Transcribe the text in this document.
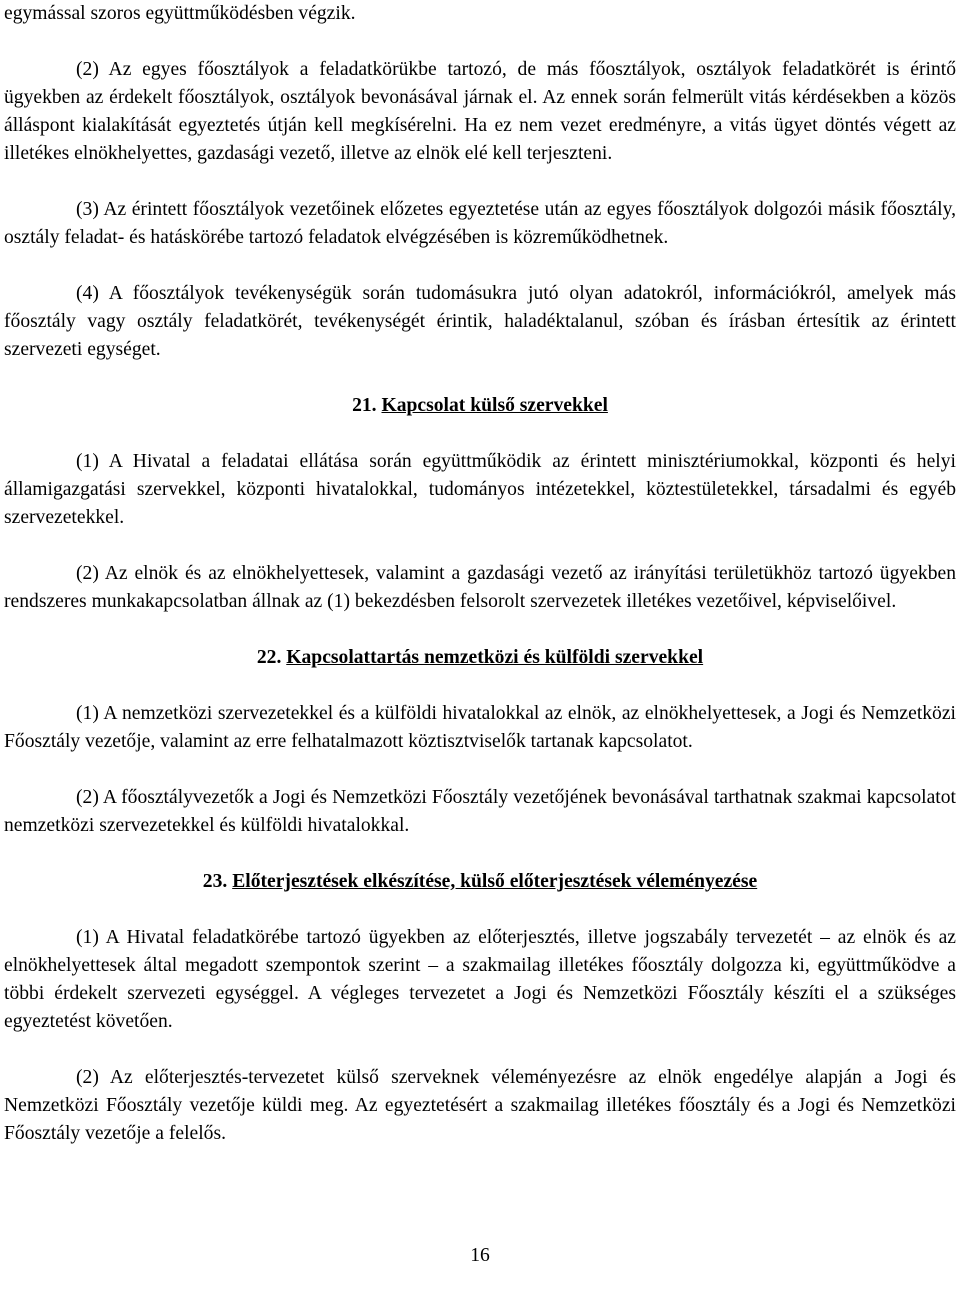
egymással szoros együttműködésben végzik.

(2) Az egyes főosztályok a feladatkörükbe tartozó, de más főosztályok, osztályok feladatkörét is érintő ügyekben az érdekelt főosztályok, osztályok bevonásával járnak el. Az ennek során felmerült vitás kérdésekben a közös álláspont kialakítását egyeztetés útján kell megkísérelni. Ha ez nem vezet eredményre, a vitás ügyet döntés végett az illetékes elnökhelyettes, gazdasági vezető, illetve az elnök elé kell terjeszteni.

(3) Az érintett főosztályok vezetőinek előzetes egyeztetése után az egyes főosztályok dolgozói másik főosztály, osztály feladat- és hatáskörébe tartozó feladatok elvégzésében is közreműködhetnek.

(4) A főosztályok tevékenységük során tudomásukra jutó olyan adatokról, információkról, amelyek más főosztály vagy osztály feladatkörét, tevékenységét érintik, haladéktalanul, szóban és írásban értesítik az érintett szervezeti egységet.

21. Kapcsolat külső szervekkel

(1) A Hivatal a feladatai ellátása során együttműködik az érintett minisztériumokkal, központi és helyi államigazgatási szervekkel, központi hivatalokkal, tudományos intézetekkel, köztestületekkel, társadalmi és egyéb szervezetekkel.

(2) Az elnök és az elnökhelyettesek, valamint a gazdasági vezető az irányítási területükhöz tartozó ügyekben rendszeres munkakapcsolatban állnak az (1) bekezdésben felsorolt szervezetek illetékes vezetőivel, képviselőivel.

22. Kapcsolattartás nemzetközi és külföldi szervekkel

(1) A nemzetközi szervezetekkel és a külföldi hivatalokkal az elnök, az elnökhelyettesek, a Jogi és Nemzetközi Főosztály vezetője, valamint az erre felhatalmazott köztisztviselők tartanak kapcsolatot.

(2) A főosztályvezetők a Jogi és Nemzetközi Főosztály vezetőjének bevonásával tarthatnak szakmai kapcsolatot nemzetközi szervezetekkel és külföldi hivatalokkal.

23. Előterjesztések elkészítése, külső előterjesztések véleményezése

(1) A Hivatal feladatkörébe tartozó ügyekben az előterjesztés, illetve jogszabály tervezetét – az elnök és az elnökhelyettesek által megadott szempontok szerint – a szakmailag illetékes főosztály dolgozza ki, együttműködve a többi érdekelt szervezeti egységgel. A végleges tervezetet a Jogi és Nemzetközi Főosztály készíti el a szükséges egyeztetést követően.

(2) Az előterjesztés-tervezetet külső szerveknek véleményezésre az elnök engedélye alapján a Jogi és Nemzetközi Főosztály vezetője küldi meg. Az egyeztetésért a szakmailag illetékes főosztály és a Jogi és Nemzetközi Főosztály vezetője a felelős.

16
